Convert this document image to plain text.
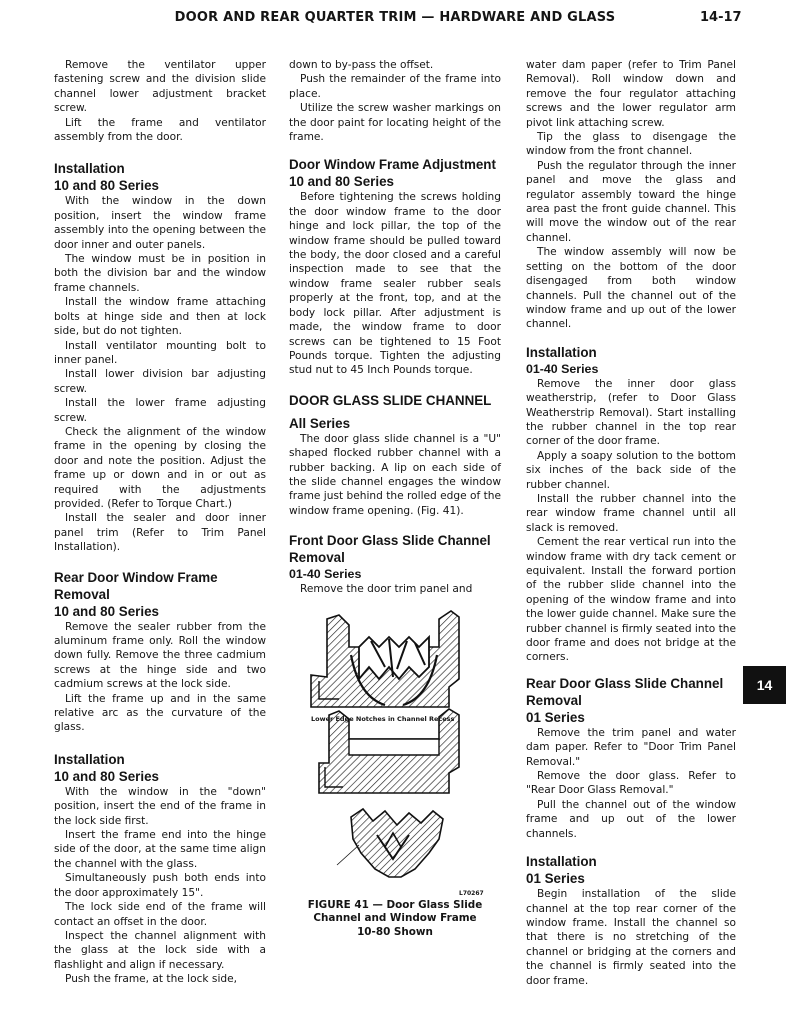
DOOR AND REAR QUARTER TRIM — HARDWARE AND GLASS	14-17

Remove the ventilator upper fastening screw and the division slide channel lower adjustment bracket screw.

Lift the frame and ventilator assembly from the door.

Installation
10 and 80 Series

With the window in the down position, insert the window frame assembly into the opening between the door inner and outer panels.

The window must be in position in both the division bar and the window frame channels.

Install the window frame attaching bolts at hinge side and then at lock side, but do not tighten.

Install ventilator mounting bolt to inner panel.

Install lower division bar adjusting screw.

Install the lower frame adjusting screw.

Check the alignment of the window frame in the opening by closing the door and note the position. Adjust the frame up or down and in or out as required with the adjustments provided. (Refer to Torque Chart.)

Install the sealer and door inner panel trim (Refer to Trim Panel Installation).

Rear Door Window Frame Removal
10 and 80 Series

Remove the sealer rubber from the aluminum frame only. Roll the window down fully. Remove the three cadmium screws at the hinge side and two cadmium screws at the lock side.

Lift the frame up and in the same relative arc as the curvature of the glass.

Installation
10 and 80 Series

With the window in the "down" position, insert the end of the frame in the lock side first.

Insert the frame end into the hinge side of the door, at the same time align the channel with the glass.

Simultaneously push both ends into the door approximately 15".

The lock side end of the frame will contact an offset in the door.

Inspect the channel alignment with the glass at the lock side with a flashlight and align if necessary.

Push the frame, at the lock side,

down to by-pass the offset.

Push the remainder of the frame into place.

Utilize the screw washer markings on the door paint for locating height of the frame.

Door Window Frame Adjustment
10 and 80 Series

Before tightening the screws holding the door window frame to the door hinge and lock pillar, the top of the window frame should be pulled toward the body, the door closed and a careful inspection made to see that the window frame sealer rubber seals properly at the front, top, and at the body lock pillar. After adjustment is made, the window frame to door screws can be tightened to 15 Foot Pounds torque. Tighten the adjusting stud nut to 45 Inch Pounds torque.

DOOR GLASS SLIDE CHANNEL
All Series

The door glass slide channel is a "U" shaped flocked rubber channel with a rubber backing. A lip on each side of the slide channel engages the window frame just behind the rolled edge of the window frame opening. (Fig. 41).

Front Door Glass Slide Channel Removal
01-40 Series

Remove the door trim panel and

Lower Edge Notches in Channel Recess
L70267
FIGURE 41 — Door Glass Slide
Channel and Window Frame
10-80 Shown

water dam paper (refer to Trim Panel Removal). Roll window down and remove the four regulator attaching screws and the lower regulator arm pivot link attaching screw.

Tip the glass to disengage the window from the front channel.

Push the regulator through the inner panel and move the glass and regulator assembly toward the hinge area past the front guide channel. This will move the window out of the rear channel.

The window assembly will now be setting on the bottom of the door disengaged from both window channels. Pull the channel out of the window frame and up out of the lower channel.

Installation
01-40 Series

Remove the inner door glass weatherstrip, (refer to Door Glass Weatherstrip Removal). Start installing the rubber channel in the top rear corner of the door frame.

Apply a soapy solution to the bottom six inches of the back side of the rubber channel.

Install the rubber channel into the rear window frame channel until all slack is removed.

Cement the rear vertical run into the window frame with dry tack cement or equivalent. Install the forward portion of the rubber slide channel into the opening of the window frame and into the lower guide channel. Make sure the rubber channel is firmly seated into the door frame and does not bridge at the corners.

Rear Door Glass Slide Channel Removal
01 Series

Remove the trim panel and water dam paper. Refer to "Door Trim Panel Removal."

Remove the door glass. Refer to "Rear Door Glass Removal."

Pull the channel out of the window frame and up out of the lower channels.

Installation
01 Series

Begin installation of the slide channel at the top rear corner of the window frame. Install the channel so that there is no stretching of the channel or bridging at the corners and the channel is firmly seated into the door frame.

14
